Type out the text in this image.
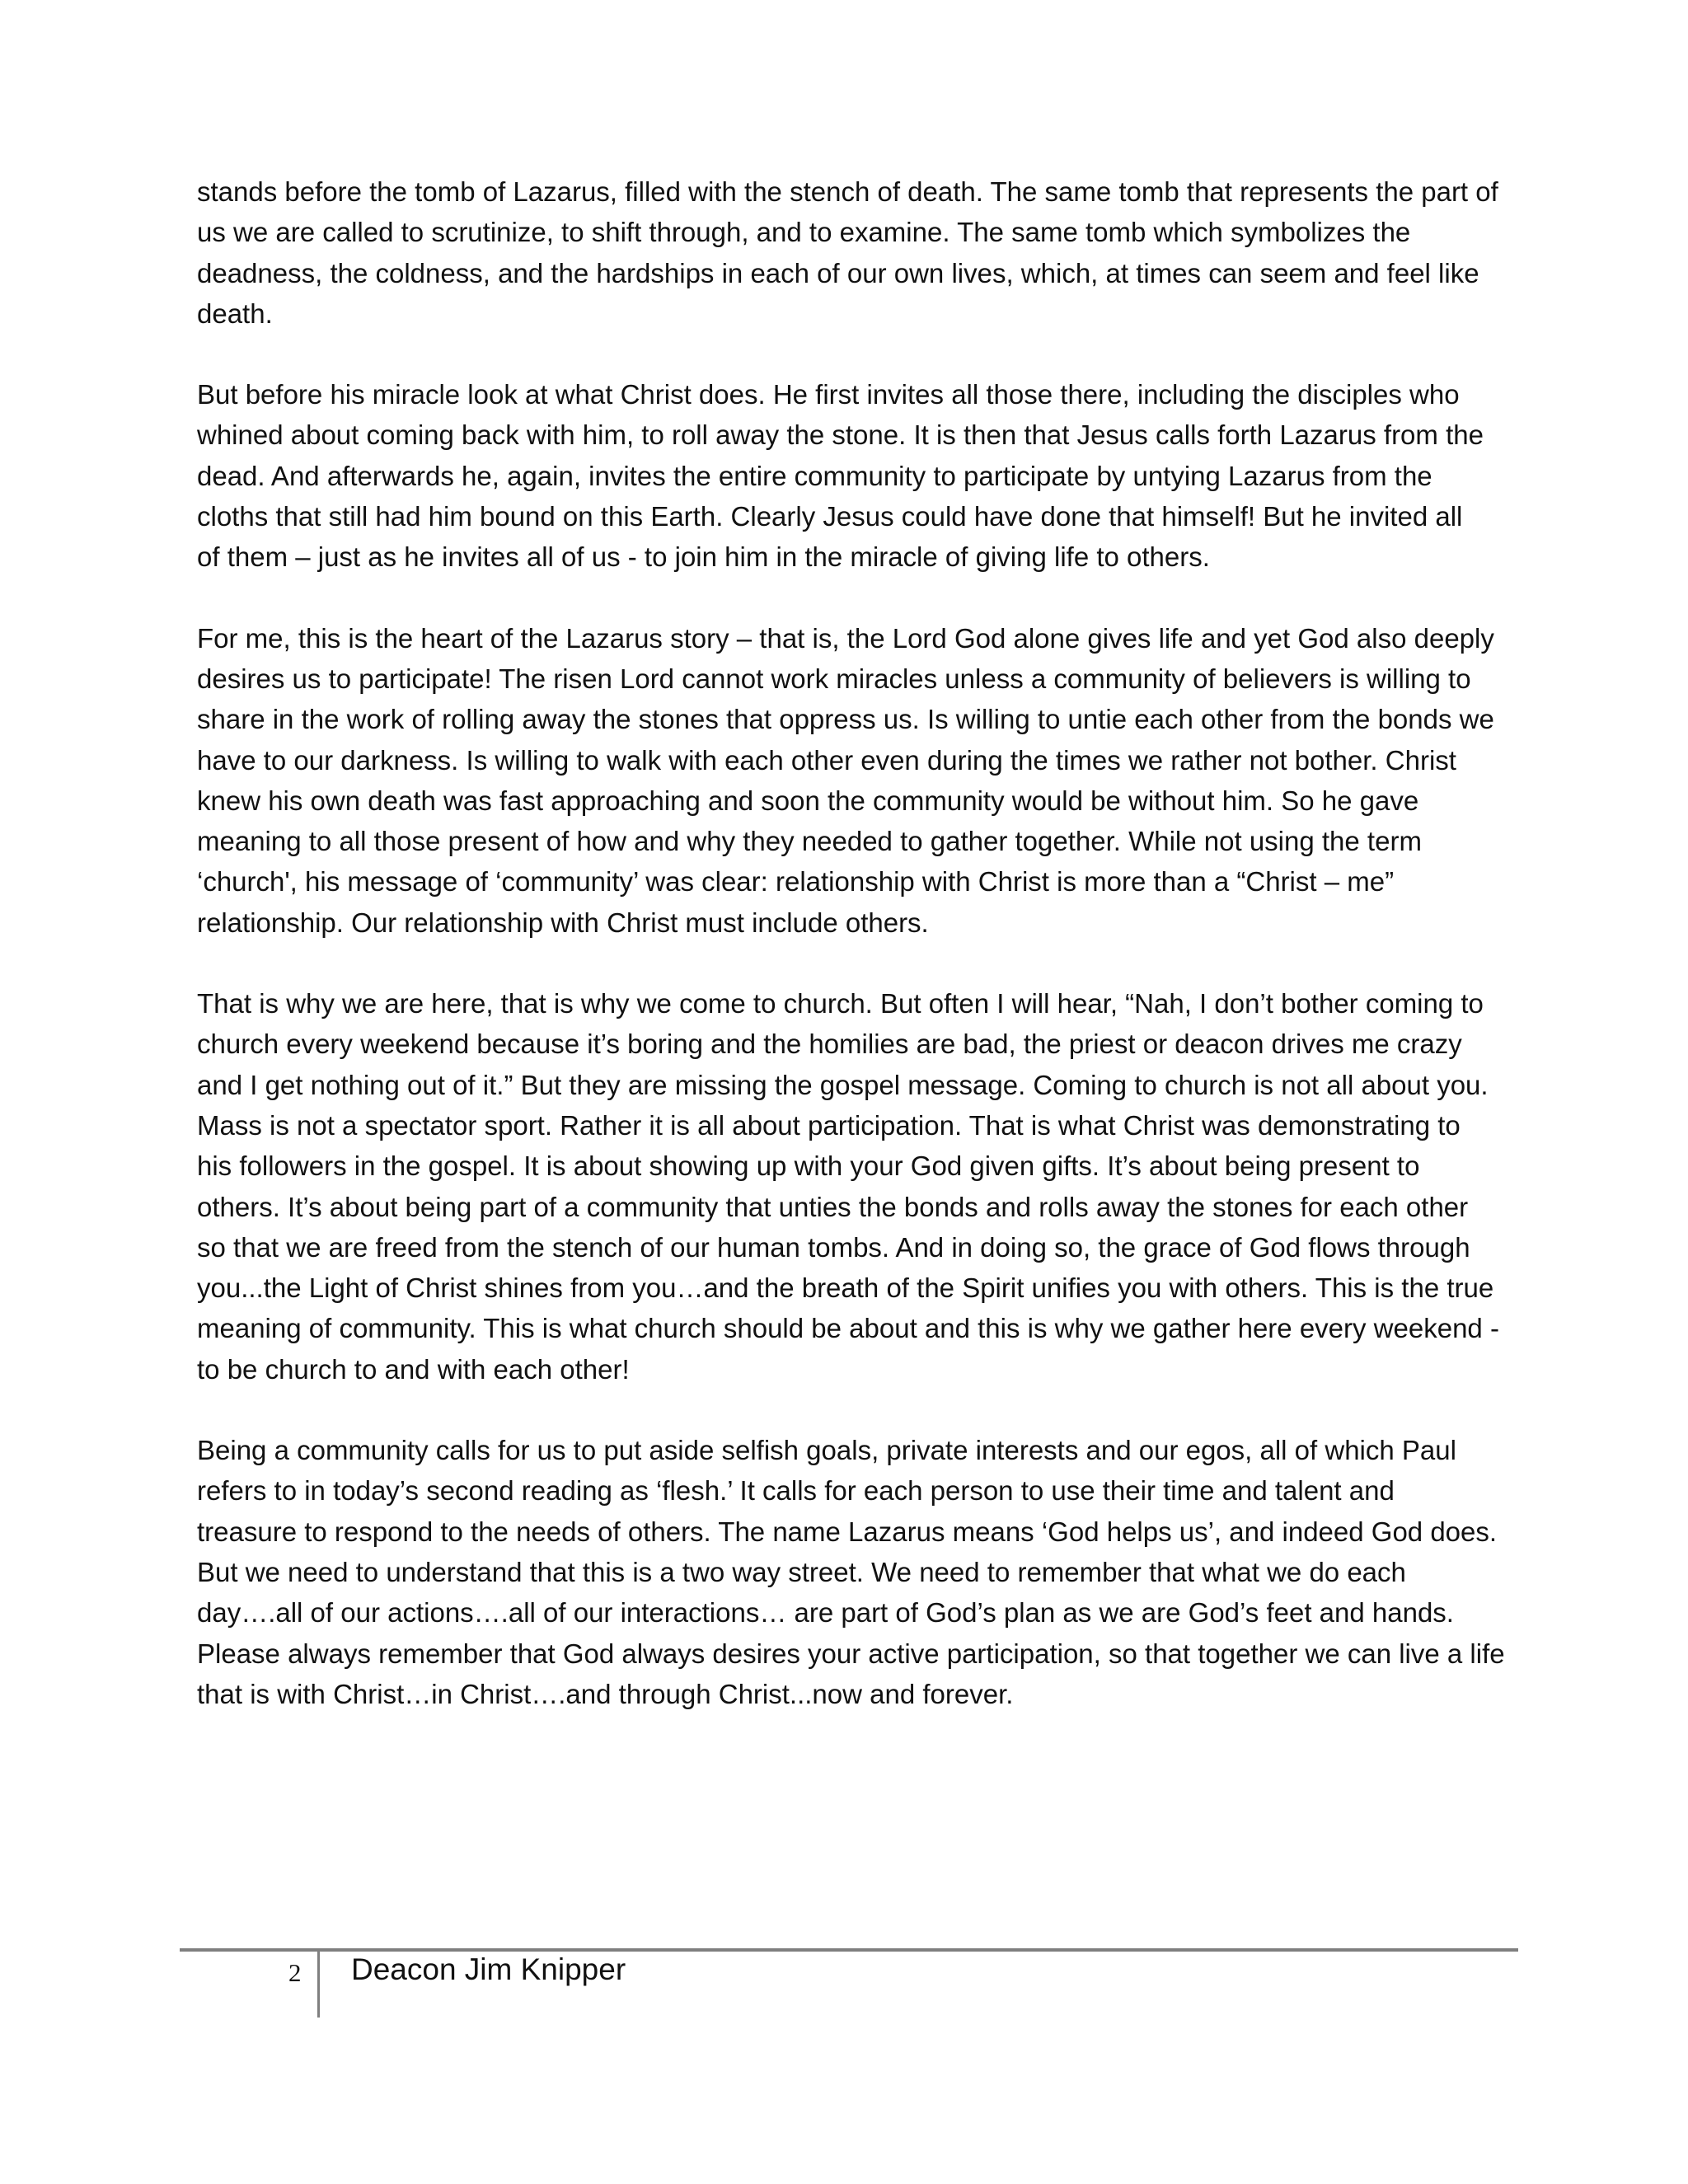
stands before the tomb of Lazarus, filled with the stench of death. The same tomb that represents the part of
us we are called to scrutinize, to shift through, and to examine. The same tomb which symbolizes the
deadness, the coldness, and the hardships in each of our own lives, which, at times can seem and feel like
death.

But before his miracle look at what Christ does. He first invites all those there, including the disciples who
whined about coming back with him, to roll away the stone. It is then that Jesus calls forth Lazarus from the
dead. And afterwards he, again, invites the entire community to participate by untying Lazarus from the
cloths that still had him bound on this Earth. Clearly Jesus could have done that himself! But he invited all
of them – just as he invites all of us - to join him in the miracle of giving life to others.

For me, this is the heart of the Lazarus story – that is, the Lord God alone gives life and yet God also deeply
desires us to participate! The risen Lord cannot work miracles unless a community of believers is willing to
share in the work of rolling away the stones that oppress us. Is willing to untie each other from the bonds we
have to our darkness. Is willing to walk with each other even during the times we rather not bother. Christ
knew his own death was fast approaching and soon the community would be without him. So he gave
meaning to all those present of how and why they needed to gather together. While not using the term
‘church', his message of ‘community’ was clear: relationship with Christ is more than a “Christ – me”
relationship. Our relationship with Christ must include others.

That is why we are here, that is why we come to church. But often I will hear, “Nah, I don’t bother coming to
church every weekend because it’s boring and the homilies are bad, the priest or deacon drives me crazy
and I get nothing out of it.” But they are missing the gospel message. Coming to church is not all about you.
Mass is not a spectator sport. Rather it is all about participation. That is what Christ was demonstrating to
his followers in the gospel. It is about showing up with your God given gifts. It’s about being present to
others. It’s about being part of a community that unties the bonds and rolls away the stones for each other
so that we are freed from the stench of our human tombs. And in doing so, the grace of God flows through
you...the Light of Christ shines from you…and the breath of the Spirit unifies you with others. This is the true
meaning of community. This is what church should be about and this is why we gather here every weekend -
to be church to and with each other!

Being a community calls for us to put aside selfish goals, private interests and our egos, all of which Paul
refers to in today’s second reading as ‘flesh.’ It calls for each person to use their time and talent and
treasure to respond to the needs of others. The name Lazarus means ‘God helps us’, and indeed God does.
But we need to understand that this is a two way street. We need to remember that what we do each
day….all of our actions….all of our interactions… are part of God’s plan as we are God’s feet and hands.
Please always remember that God always desires your active participation, so that together we can live a life
that is with Christ…in Christ….and through Christ...now and forever.

2 Deacon Jim Knipper
